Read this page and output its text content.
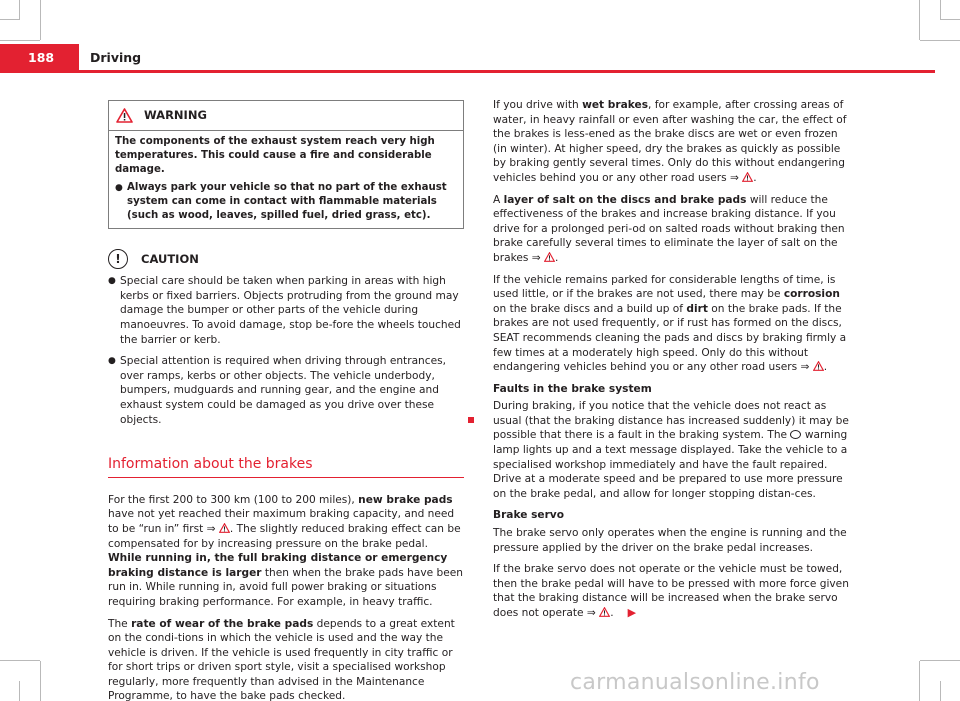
188	Driving
WARNING
The components of the exhaust system reach very high temperatures. This could cause a fire and considerable damage.
● Always park your vehicle so that no part of the exhaust system can come in contact with flammable materials (such as wood, leaves, spilled fuel, dried grass, etc).
!	CAUTION
● Special care should be taken when parking in areas with high kerbs or fixed barriers. Objects protruding from the ground may damage the bumper or other parts of the vehicle during manoeuvres. To avoid damage, stop be-fore the wheels touched the barrier or kerb.
● Special attention is required when driving through entrances, over ramps, kerbs or other objects. The vehicle underbody, bumpers, mudguards and running gear, and the engine and exhaust system could be damaged as you drive over these objects.
Information about the brakes
For the first 200 to 300 km (100 to 200 miles), new brake pads have not yet reached their maximum braking capacity, and need to be “run in” first ⇒ . The slightly reduced braking effect can be compensated for by increasing pressure on the brake pedal. While running in, the full braking distance or emergency braking distance is larger then when the brake pads have been run in. While running in, avoid full power braking or situations requiring braking performance. For example, in heavy traffic.
The rate of wear of the brake pads depends to a great extent on the condi-tions in which the vehicle is used and the way the vehicle is driven. If the vehicle is used frequently in city traffic or for short trips or driven sport style, visit a specialised workshop regularly, more frequently than advised in the Maintenance Programme, to have the bake pads checked.
If you drive with wet brakes, for example, after crossing areas of water, in heavy rainfall or even after washing the car, the effect of the brakes is less-ened as the brake discs are wet or even frozen (in winter). At higher speed, dry the brakes as quickly as possible by braking gently several times. Only do this without endangering vehicles behind you or any other road users ⇒ .
A layer of salt on the discs and brake pads will reduce the effectiveness of the brakes and increase braking distance. If you drive for a prolonged peri-od on salted roads without braking then brake carefully several times to eliminate the layer of salt on the brakes ⇒ .
If the vehicle remains parked for considerable lengths of time, is used little, or if the brakes are not used, there may be corrosion on the brake discs and a build up of dirt on the brake pads. If the brakes are not used frequently, or if rust has formed on the discs, SEAT recommends cleaning the pads and discs by braking firmly a few times at a moderately high speed. Only do this without endangering vehicles behind you or any other road users ⇒ .
Faults in the brake system
During braking, if you notice that the vehicle does not react as usual (that the braking distance has increased suddenly) it may be possible that there is a fault in the braking system. The  warning lamp lights up and a text message displayed. Take the vehicle to a specialised workshop immediately and have the fault repaired. Drive at a moderate speed and be prepared to use more pressure on the brake pedal, and allow for longer stopping distan-ces.
Brake servo
The brake servo only operates when the engine is running and the pressure applied by the driver on the brake pedal increases.
If the brake servo does not operate or the vehicle must be towed, then the brake pedal will have to be pressed with more force given that the braking distance will be increased when the brake servo does not operate ⇒ . ▶
carmanualsonline.info
